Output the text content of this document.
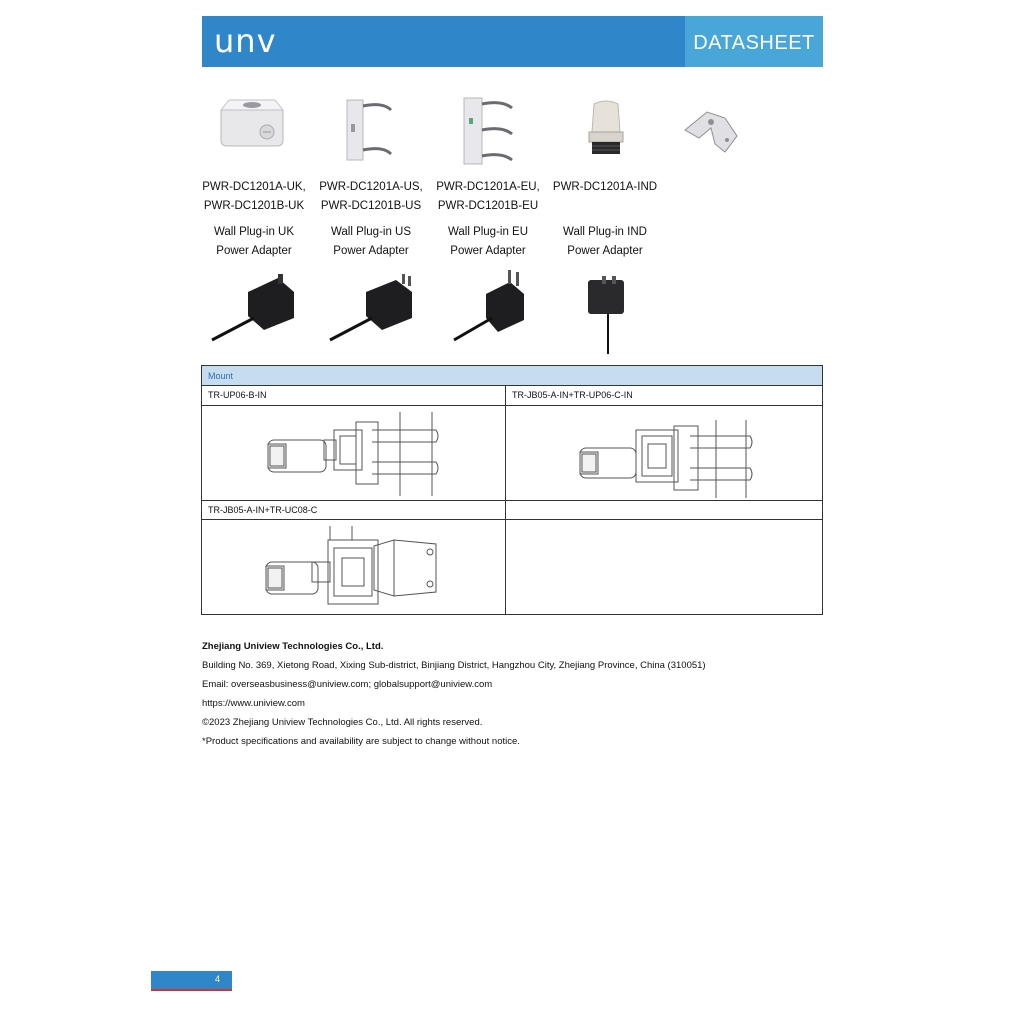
unv	DATASHEET
PWR-DC1201A-UK,
PWR-DC1201B-UK
PWR-DC1201A-US,
PWR-DC1201B-US
PWR-DC1201A-EU,
PWR-DC1201B-EU
PWR-DC1201A-IND
Wall Plug-in UK
Power Adapter
Wall Plug-in US
Power Adapter
Wall Plug-in EU
Power Adapter
Wall Plug-in IND
Power Adapter
Mount
TR-UP06-B-IN	TR-JB05-A-IN+TR-UP06-C-IN
TR-JB05-A-IN+TR-UC08-C
Zhejiang Uniview Technologies Co., Ltd.
Building No. 369, Xietong Road, Xixing Sub-district, Binjiang District, Hangzhou City, Zhejiang Province, China (310051)
Email: overseasbusiness@uniview.com; globalsupport@uniview.com
https://www.uniview.com
©2023 Zhejiang Uniview Technologies Co., Ltd. All rights reserved.
*Product specifications and availability are subject to change without notice.
4
